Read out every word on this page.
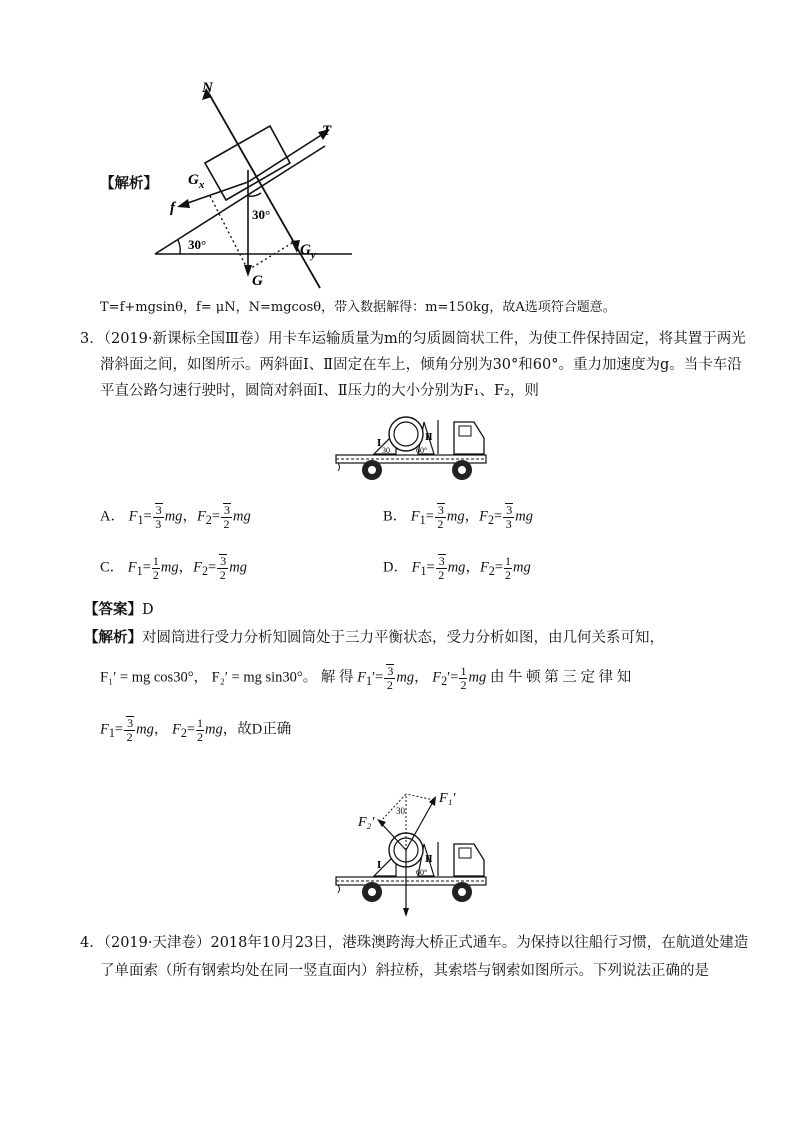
【解析】
N
T
$G_x$
f	30°
30°	$G_y$
G
T=f+mgsinθ，f= μN，N=mgcosθ，带入数据解得：m=150kg，故A选项符合题意。
3．（2019·新课标全国Ⅲ卷）用卡车运输质量为m的匀质圆筒状工件，为使工件保持固定，将其置于两光
滑斜面之间，如图所示。两斜面Ⅰ、Ⅱ固定在车上，倾角分别为30°和60°。重力加速度为g。当卡车沿
平直公路匀速行驶时，圆筒对斜面Ⅰ、Ⅱ压力的大小分别为F₁、F₂，则
Ⅰ
Ⅱ
30	60°
A． $F_1= \frac{3}{3}$ mg，$F_2= \frac{3}{2}$ mg	B． $F_1= \frac{3}{2}$ mg，$F_2= \frac{3}{3}$ mg
C． $F_1= \frac{1}{2}$ mg，$F_2= \frac{3}{2}$ mg	D． $F_1= \frac{3}{2}$ mg，$F_2= \frac{1}{2}$ mg
【答案】D
【解析】对圆筒进行受力分析知圆筒处于三力平衡状态，受力分析如图，由几何关系可知，
F₁′ = mg cos30°， F₂′ = mg sin30°。 解 得 $F_1'= \frac{3}{2}$ mg， $F_2'= \frac{1}{2}$ mg 由 牛 顿 第 三 定 律 知
$F_1= \frac{3}{2}$ mg， $F_2= \frac{1}{2}$ mg，故D正确
30
60°
F₁′
F₂′
Ⅰ
Ⅱ
4．（2019·天津卷）2018年10月23日，港珠澳跨海大桥正式通车。为保持以往船行习惯，在航道处建造
了单面索（所有钢索均处在同一竖直面内）斜拉桥，其索塔与钢索如图所示。下列说法正确的是
